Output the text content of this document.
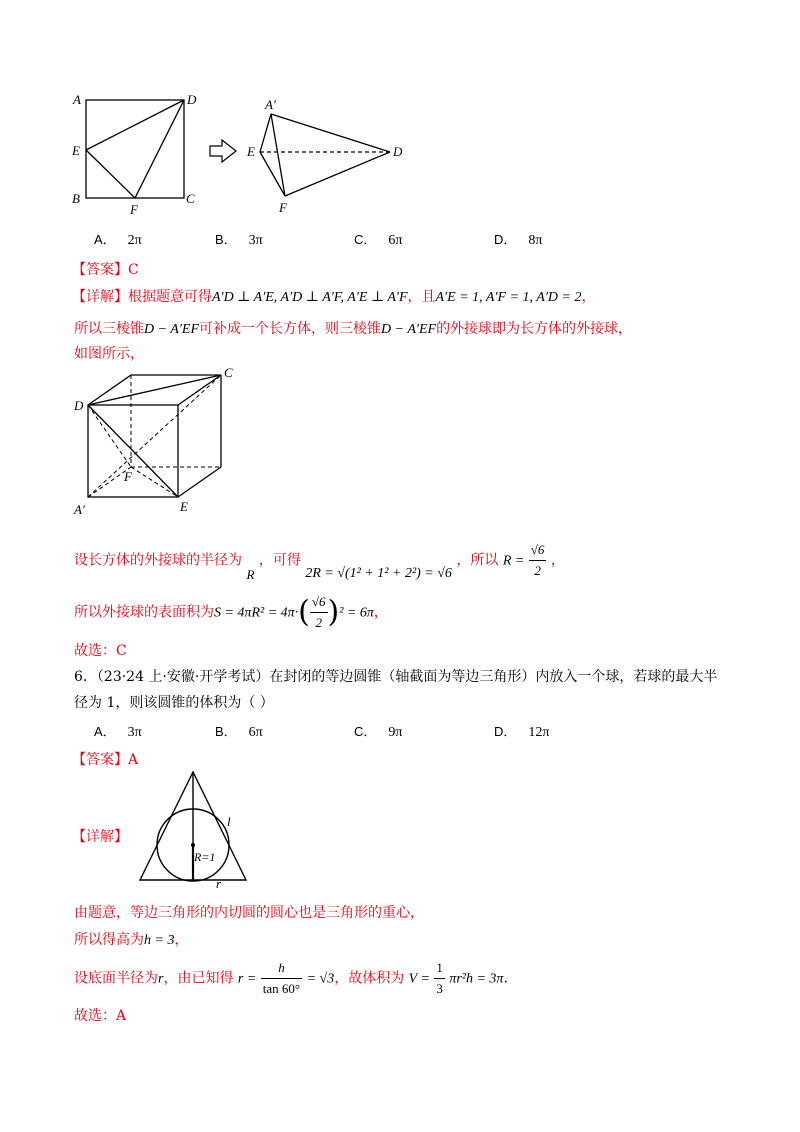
A	D
E
B
F
C
A′
E	D
F
A． 2π	B． 3π	C． 6π	D． 8π
【答案】C
【详解】根据题意可得A′D ⊥ A′E, A′D ⊥ A′F, A′E ⊥ A′F，且A′E = 1, A′F = 1, A′D = 2，
所以三棱锥D − A′EF可补成一个长方体，则三棱锥D − A′EF的外接球即为长方体的外接球，
如图所示，
C
D
F
A′	E
设长方体的外接球的半径为 R ，可得 2R = √(1² + 1² + 2²) = √6 ，所以 $R = \frac{√6}{2}$ ，
所以外接球的表面积为$S = 4\pi R^2 = 4\pi\cdot( \frac{√6}{2} )^2 = 6\pi$，
故选：C
6．（23·24 上·安徽·开学考试）在封闭的等边圆锥（轴截面为等边三角形）内放入一个球，若球的最大半
径为 1，则该圆锥的体积为（ ）
A． 3π	B． 6π	C． 9π	D． 12π
【答案】A
【详解】
l
R=1
r
由题意，等边三角形的内切圆的圆心也是三角形的重心，
所以得高为h = 3，
设底面半径为r，由已知得 $r = \frac{h}{\tan 60^\circ} = √3$，故体积为 $V = \frac{1}{3} \pi r^2h = 3\pi$.
故选：A
